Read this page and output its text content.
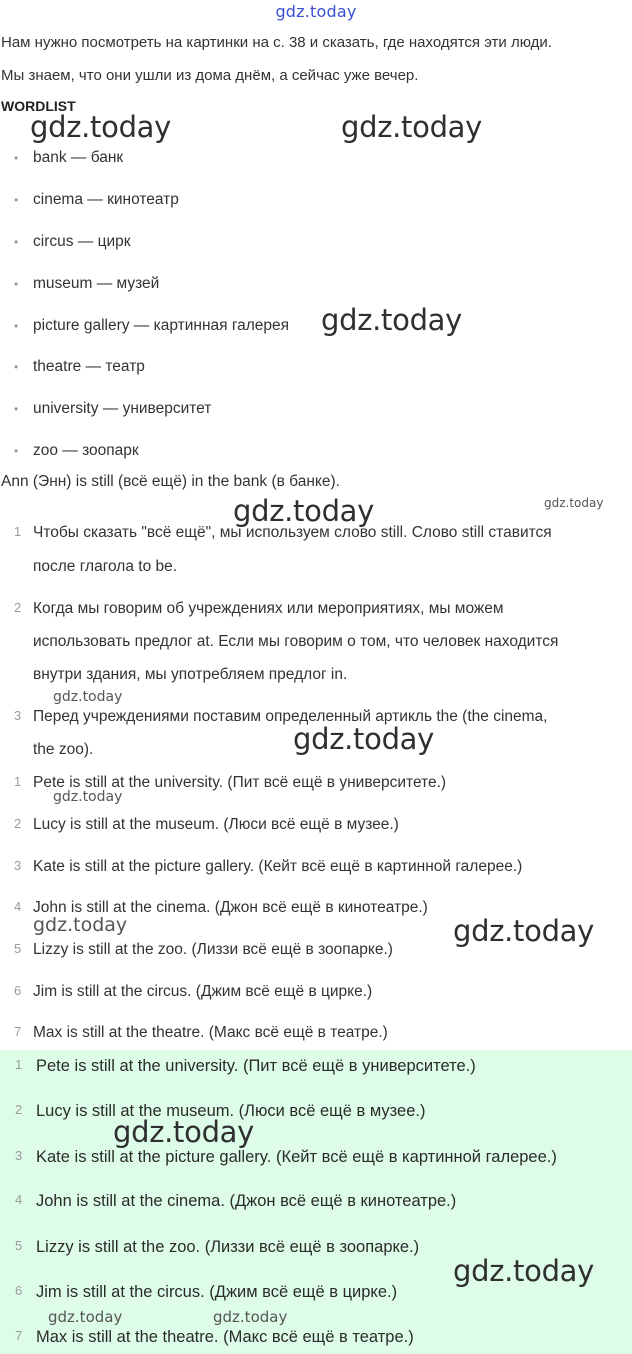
gdz.today
Нам нужно посмотреть на картинки на с. 38 и сказать, где находятся эти люди.
Мы знаем, что они ушли из дома днём, а сейчас уже вечер.
WORDLIST
• bank — банк
• cinema — кинотеатр
• circus — цирк
• museum — музей
• picture gallery — картинная галерея
• theatre — театр
• university — университет
• zoo — зоопарк
Ann (Энн) is still (всё ещё) in the bank (в банке).
1 Чтобы сказать "всё ещё", мы используем слово still. Слово still ставится
после глагола to be.
2 Когда мы говорим об учреждениях или мероприятиях, мы можем
использовать предлог at. Если мы говорим о том, что человек находится
внутри здания, мы употребляем предлог in.
3 Перед учреждениями поставим определенный артикль the (the cinema,
the zoo).
1 Pete is still at the university. (Пит всё ещё в университете.)
2 Lucy is still at the museum. (Люси всё ещё в музее.)
3 Kate is still at the picture gallery. (Кейт всё ещё в картинной галерее.)
4 John is still at the cinema. (Джон всё ещё в кинотеатре.)
5 Lizzy is still at the zoo. (Лиззи всё ещё в зоопарке.)
6 Jim is still at the circus. (Джим всё ещё в цирке.)
7 Max is still at the theatre. (Макс всё ещё в театре.)
1 Pete is still at the university. (Пит всё ещё в университете.)
2 Lucy is still at the museum. (Люси всё ещё в музее.)
3 Kate is still at the picture gallery. (Кейт всё ещё в картинной галерее.)
4 John is still at the cinema. (Джон всё ещё в кинотеатре.)
5 Lizzy is still at the zoo. (Лиззи всё ещё в зоопарке.)
6 Jim is still at the circus. (Джим всё ещё в цирке.)
7 Max is still at the theatre. (Макс всё ещё в театре.)
gdz.today	gdz.today
gdz.today
gdz.today
gdz.today
gdz.today
gdz.today
gdz.today
gdz.today	gdz.today
gdz.today
gdz.today
gdz.today	gdz.today
